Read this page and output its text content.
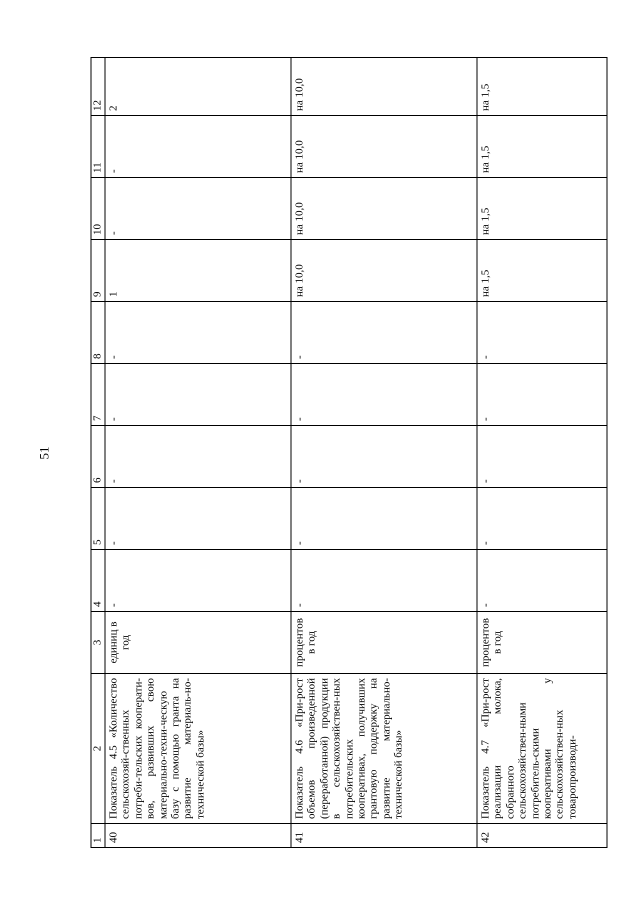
51
1	2	3	4	5	6	7	8	9	10	11	12
40	Показатель 4.5 «Количество сельскохозяй-ственных потреби-тельских кооперати-вов, развивших свою материально-техни-ческую базу с помощью гранта на развитие материаль-но-технической базы»	единиц в год	-	-	-	-	-	1	-	-	2
41	Показатель 4.6 «При-рост объемов произведенной (переработанной) продукции в сельскохозяйствен-ных потребительских кооперативах, получивших грантовую поддержку на развитие материально-технической базы»	процентов в год	-	-	-	-	-	на 10,0	на 10,0	на 10,0	на 10,0
42	Показатель 4.7 «При-рост реализации молока, собранного сельскохозяйствен-ными потребитель-скими кооперативами у сельскохозяйствен-ных товаропроизводи-	процентов в год	-	-	-	-	-	на 1,5	на 1,5	на 1,5	на 1,5
